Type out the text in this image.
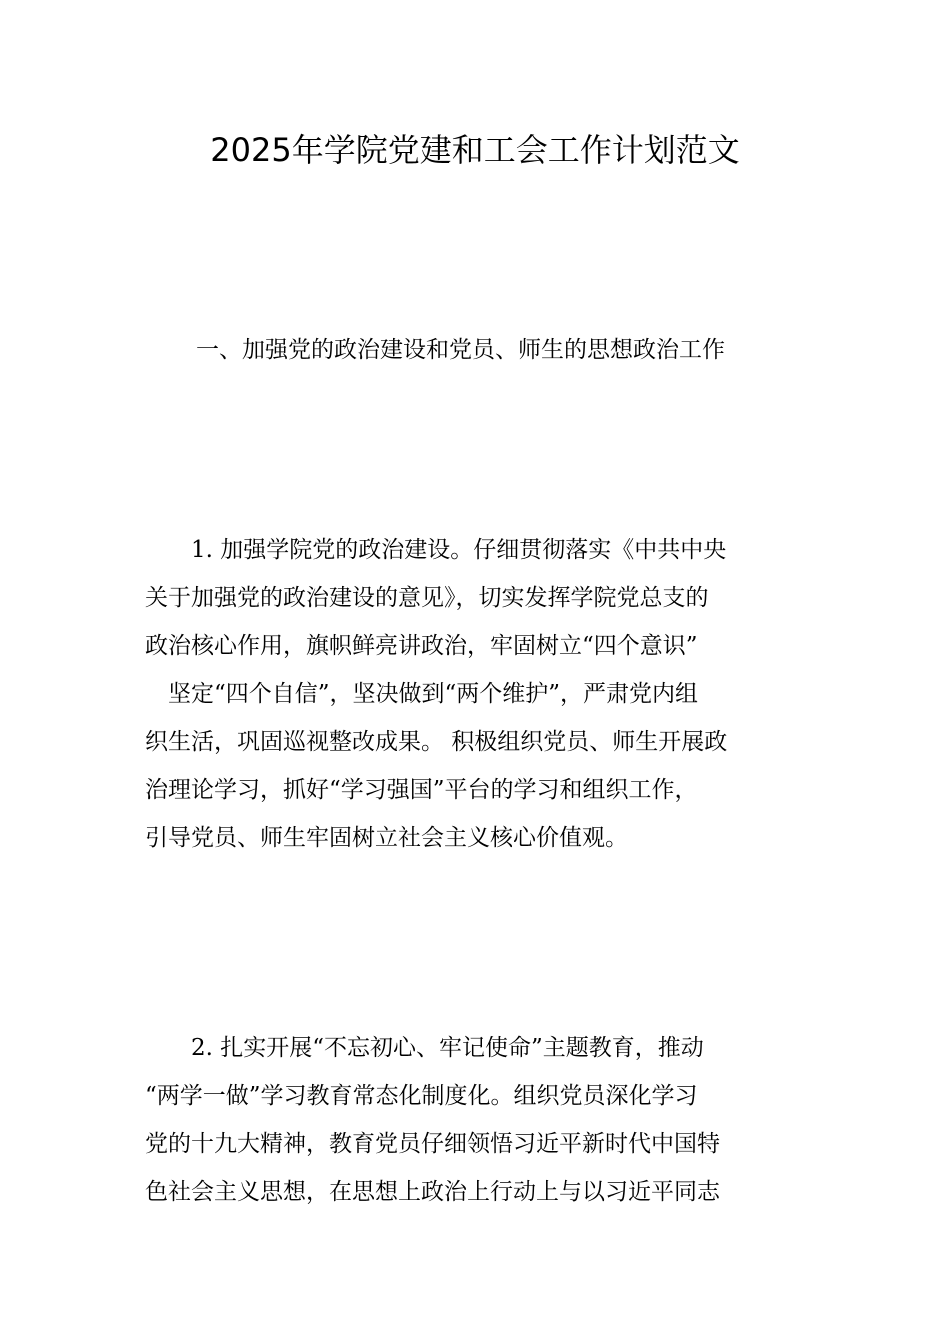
2025年学院党建和工会工作计划范文
一、加强党的政治建设和党员、师生的思想政治工作
　　1. 加强学院党的政治建设。仔细贯彻落实《中共中央
关于加强党的政治建设的意见》，切实发挥学院党总支的
政治核心作用，旗帜鲜亮讲政治，牢固树立“四个意识”
　坚定“四个自信”，坚决做到“两个维护”，严肃党内组
织生活，巩固巡视整改成果。 积极组织党员、师生开展政
治理论学习，抓好“学习强国”平台的学习和组织工作，
引导党员、师生牢固树立社会主义核心价值观。
　　2. 扎实开展“不忘初心、牢记使命”主题教育，推动
“两学一做”学习教育常态化制度化。组织党员深化学习
党的十九大精神，教育党员仔细领悟习近平新时代中国特
色社会主义思想，在思想上政治上行动上与以习近平同志
